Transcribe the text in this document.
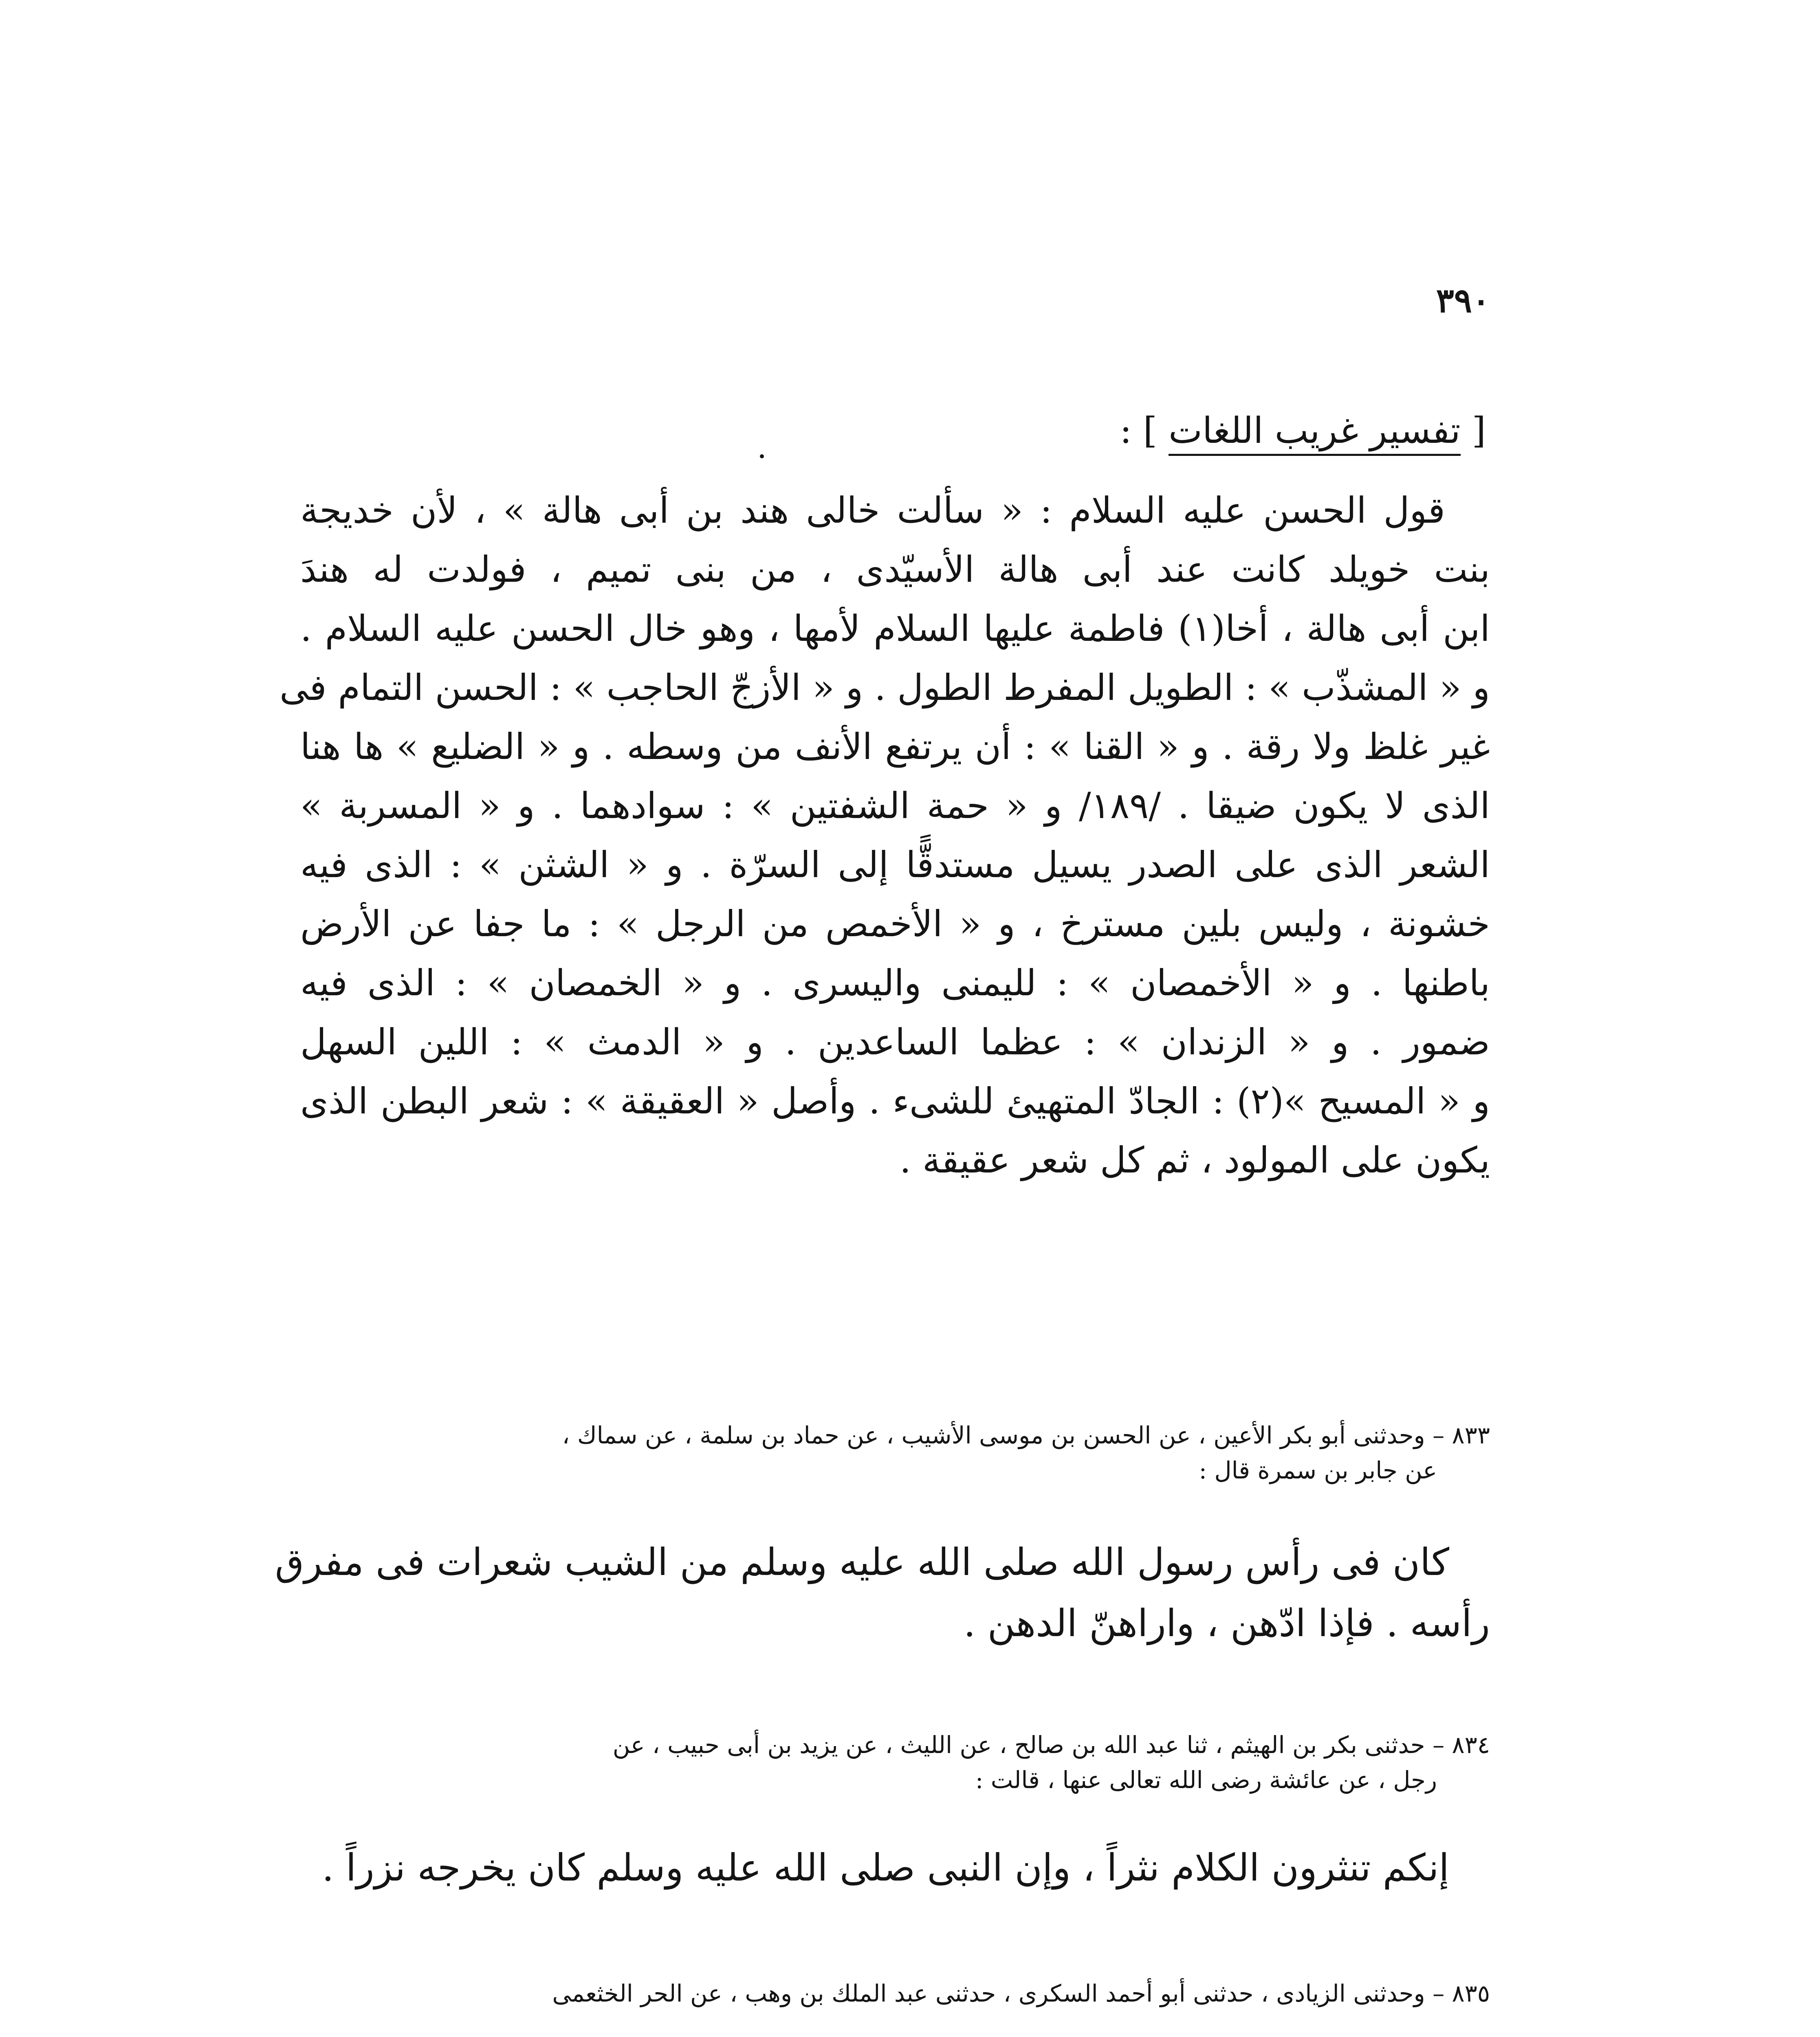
٣٩٠
[ تفسير غريب اللغات ] :
قول الحسن عليه السلام : « سألت خالى هند بن أبى هالة » ، لأن خديجة
بنت خويلد كانت عند أبى هالة الأسيّدى ، من بنى تميم ، فولدت له هندَ
ابن أبى هالة ، أخا(١) فاطمة عليها السلام لأمها ، وهو خال الحسن عليه السلام .
و « المشذّب » : الطويل المفرط الطول . و « الأزجّ الحاجب » : الحسن التمام فى
غير غلظ ولا رقة . و « القنا » : أن يرتفع الأنف من وسطه . و « الضليع » ها هنا
الذى لا يكون ضيقا . /١٨٩/ و « حمة الشفتين » : سوادهما . و « المسربة »
الشعر الذى على الصدر يسيل مستدقًّا إلى السرّة . و « الشثن » : الذى فيه
خشونة ، وليس بلين مسترخ ، و « الأخمص من الرجل » : ما جفا عن الأرض
باطنها . و « الأخمصان » : لليمنى واليسرى . و « الخمصان » : الذى فيه
ضمور . و « الزندان » : عظما الساعدين . و « الدمث » : اللين السهل
و « المسيح »(٢) : الجادّ المتهيئ للشىء . وأصل « العقيقة » : شعر البطن الذى
يكون على المولود ، ثم كل شعر عقيقة .
٨٣٣ – وحدثنى أبو بكر الأعين ، عن الحسن بن موسى الأشيب ، عن حماد بن سلمة ، عن سماك ،
عن جابر بن سمرة قال :
كان فى رأس رسول الله صلى الله عليه وسلم من الشيب شعرات فى مفرق
رأسه . فإذا ادّهن ، واراهنّ الدهن .
٨٣٤ – حدثنى بكر بن الهيثم ، ثنا عبد الله بن صالح ، عن الليث ، عن يزيد بن أبى حبيب ، عن
رجل ، عن عائشة رضى الله تعالى عنها ، قالت :
إنكم تنثرون الكلام نثراً ، وإن النبى صلى الله عليه وسلم كان يخرجه نزراً .
٨٣٥ – وحدثنى الزيادى ، حدثنى أبو أحمد السكرى ، حدثنى عبد الملك بن وهب ، عن الحر الخثعمى
